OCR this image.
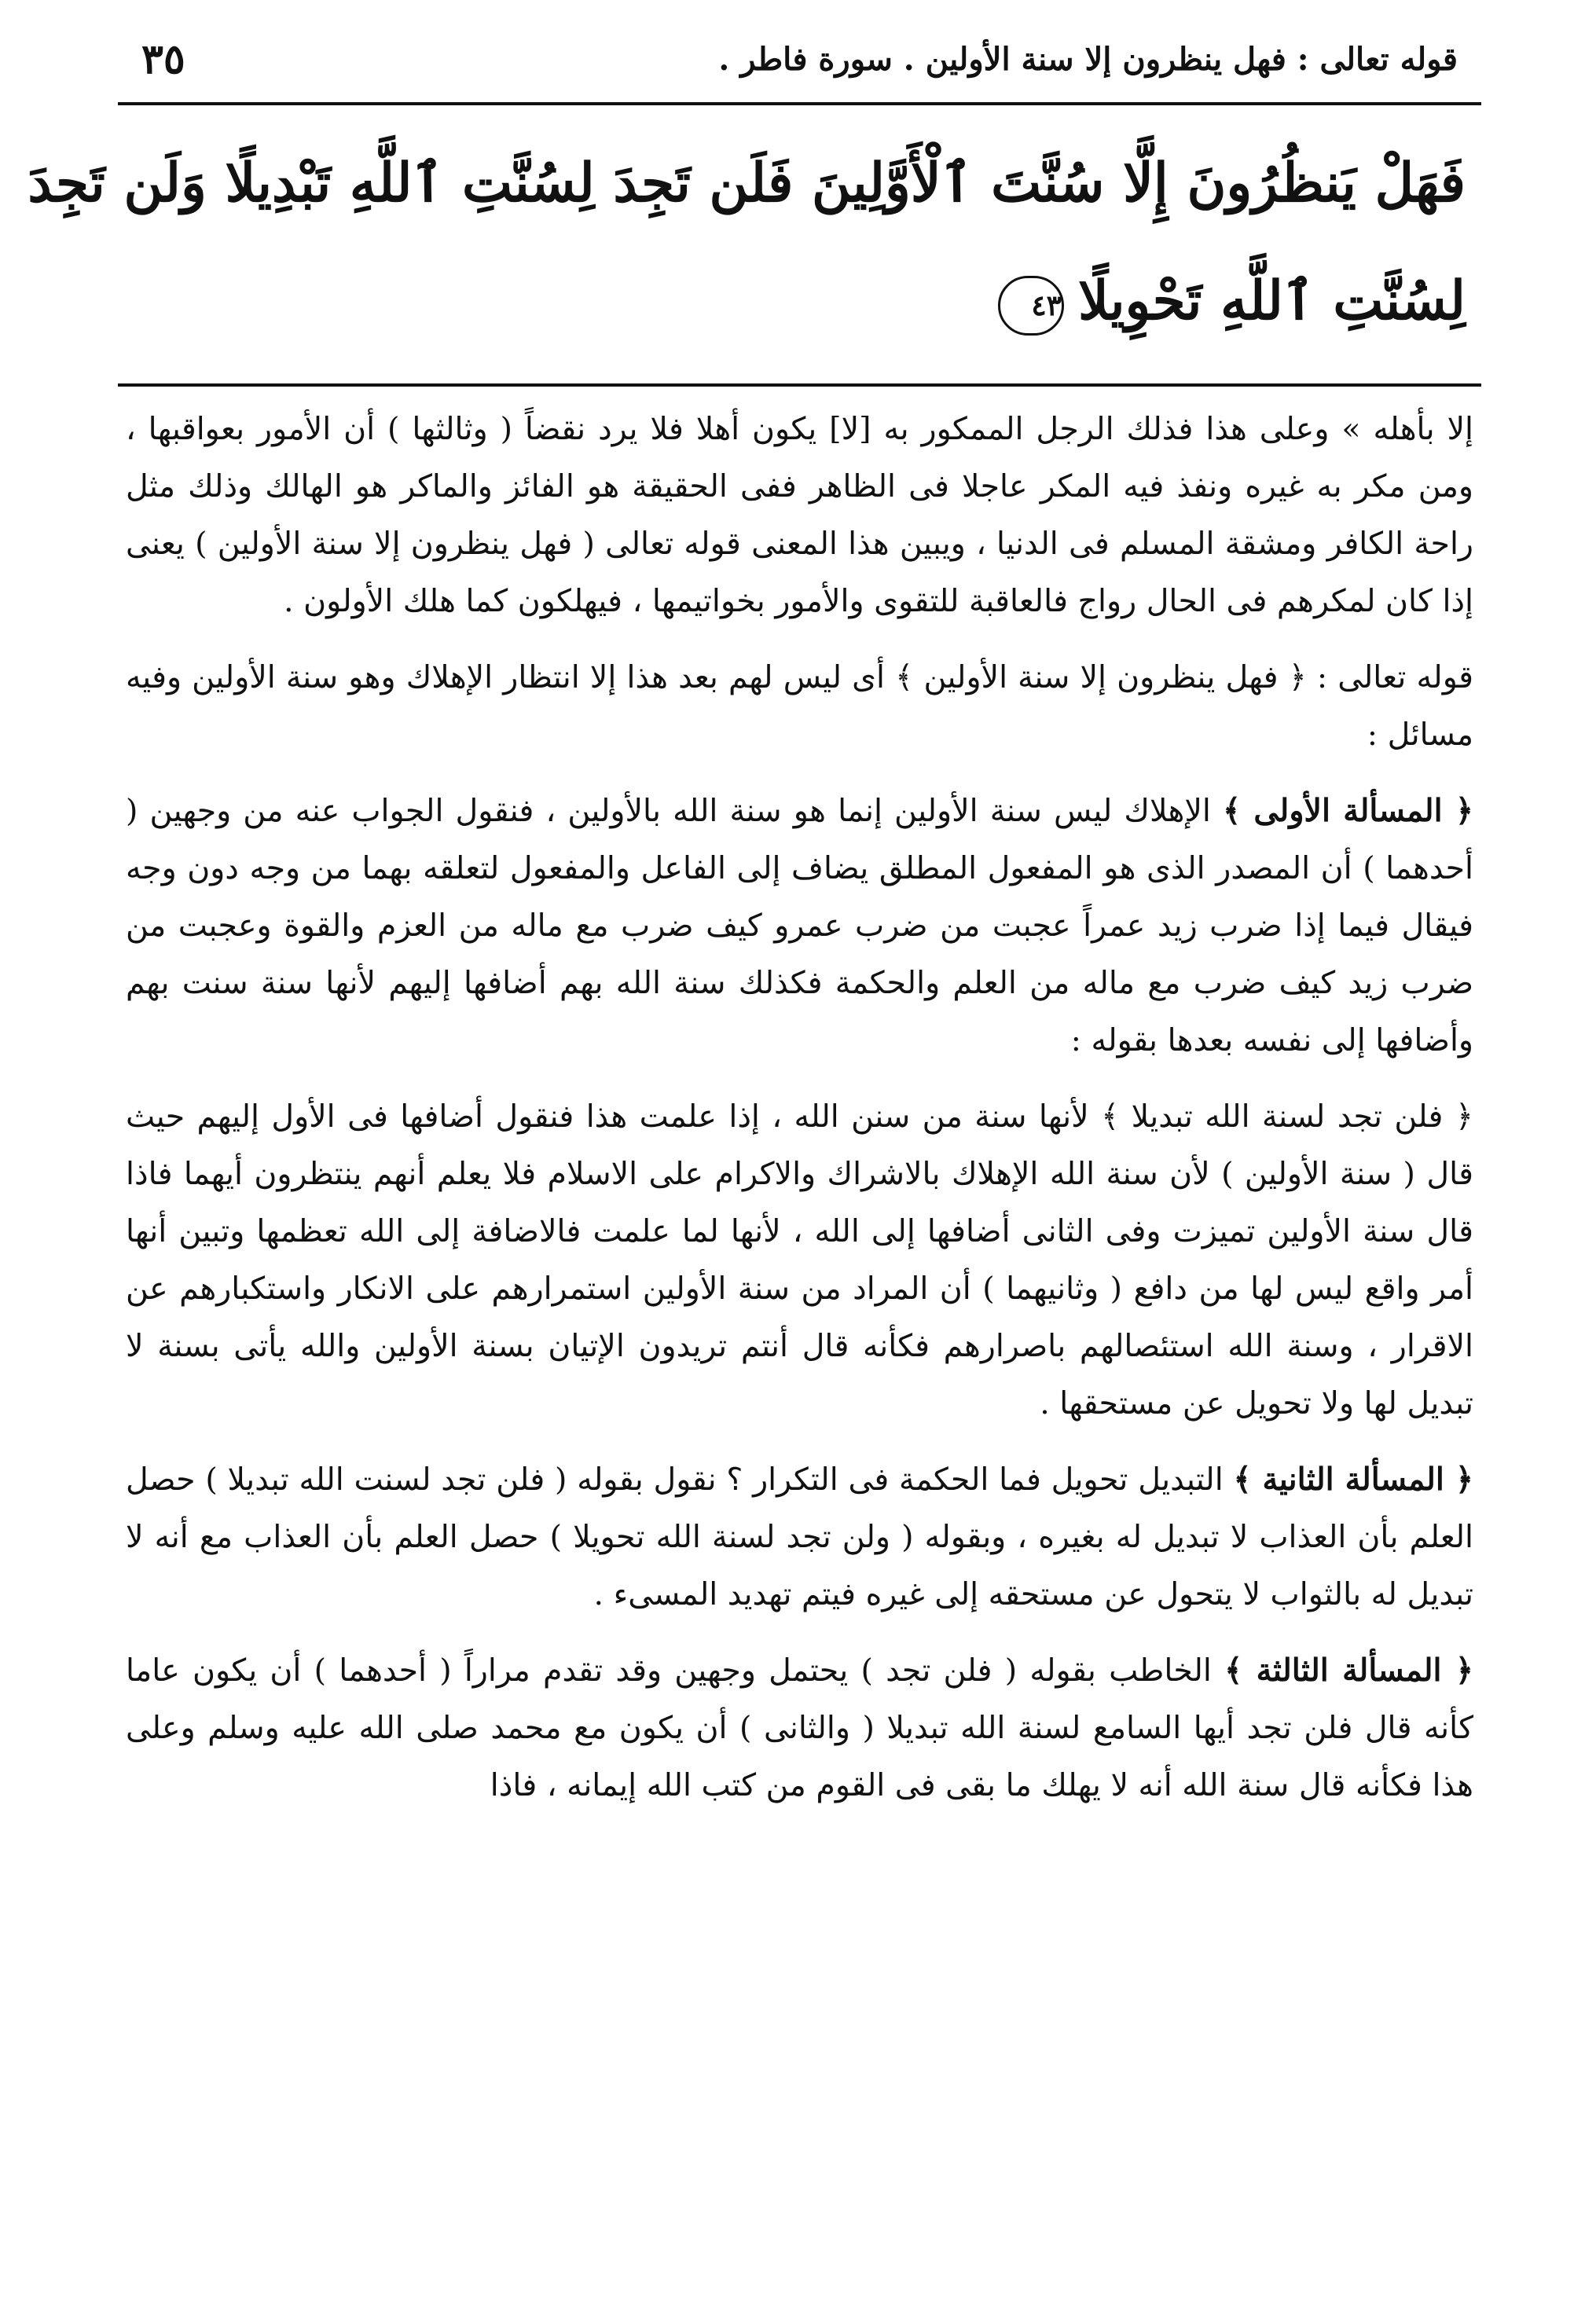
قوله تعالى : فهل ينظرون إلا سنة الأولين . سورة فاطر .
٣٥
فَهَلْ يَنظُرُونَ إِلَّا سُنَّتَ ٱلْأَوَّلِينَ فَلَن تَجِدَ لِسُنَّتِ ٱللَّهِ تَبْدِيلًا وَلَن تَجِدَ
لِسُنَّتِ ٱللَّهِ تَحْوِيلًا٤٣

إلا بأهله » وعلى هذا فذلك الرجل الممكور به [لا] يكون أهلا فلا يرد نقضاً ( وثالثها ) أن الأمور بعواقبها ، ومن مكر به غيره ونفذ فيه المكر عاجلا فى الظاهر ففى الحقيقة هو الفائز والماكر هو الهالك وذلك مثل راحة الكافر ومشقة المسلم فى الدنيا ، ويبين هذا المعنى قوله تعالى ( فهل ينظرون إلا سنة الأولين ) يعنى إذا كان لمكرهم فى الحال رواج فالعاقبة للتقوى والأمور بخواتيمها ، فيهلكون كما هلك الأولون .

قوله تعالى : ﴿ فهل ينظرون إلا سنة الأولين ﴾ أى ليس لهم بعد هذا إلا انتظار الإهلاك وهو سنة الأولين وفيه مسائل :

﴿ المسألة الأولى ﴾ الإهلاك ليس سنة الأولين إنما هو سنة الله بالأولين ، فنقول الجواب عنه من وجهين ( أحدهما ) أن المصدر الذى هو المفعول المطلق يضاف إلى الفاعل والمفعول لتعلقه بهما من وجه دون وجه فيقال فيما إذا ضرب زيد عمراً عجبت من ضرب عمرو كيف ضرب مع ماله من العزم والقوة وعجبت من ضرب زيد كيف ضرب مع ماله من العلم والحكمة فكذلك سنة الله بهم أضافها إليهم لأنها سنة سنت بهم وأضافها إلى نفسه بعدها بقوله :

﴿ فلن تجد لسنة الله تبديلا ﴾ لأنها سنة من سنن الله ، إذا علمت هذا فنقول أضافها فى الأول إليهم حيث قال ( سنة الأولين ) لأن سنة الله الإهلاك بالاشراك والاكرام على الاسلام فلا يعلم أنهم ينتظرون أيهما فاذا قال سنة الأولين تميزت وفى الثانى أضافها إلى الله ، لأنها لما علمت فالاضافة إلى الله تعظمها وتبين أنها أمر واقع ليس لها من دافع ( وثانيهما ) أن المراد من سنة الأولين استمرارهم على الانكار واستكبارهم عن الاقرار ، وسنة الله استئصالهم باصرارهم فكأنه قال أنتم تريدون الإتيان بسنة الأولين والله يأتى بسنة لا تبديل لها ولا تحويل عن مستحقها .

﴿ المسألة الثانية ﴾ التبديل تحويل فما الحكمة فى التكرار ؟ نقول بقوله ( فلن تجد لسنت الله تبديلا ) حصل العلم بأن العذاب لا تبديل له بغيره ، وبقوله ( ولن تجد لسنة الله تحويلا ) حصل العلم بأن العذاب مع أنه لا تبديل له بالثواب لا يتحول عن مستحقه إلى غيره فيتم تهديد المسىء .

﴿ المسألة الثالثة ﴾ الخاطب بقوله ( فلن تجد ) يحتمل وجهين وقد تقدم مراراً ( أحدهما ) أن يكون عاما كأنه قال فلن تجد أيها السامع لسنة الله تبديلا ( والثانى ) أن يكون مع محمد صلى الله عليه وسلم وعلى هذا فكأنه قال سنة الله أنه لا يهلك ما بقى فى القوم من كتب الله إيمانه ، فاذا
